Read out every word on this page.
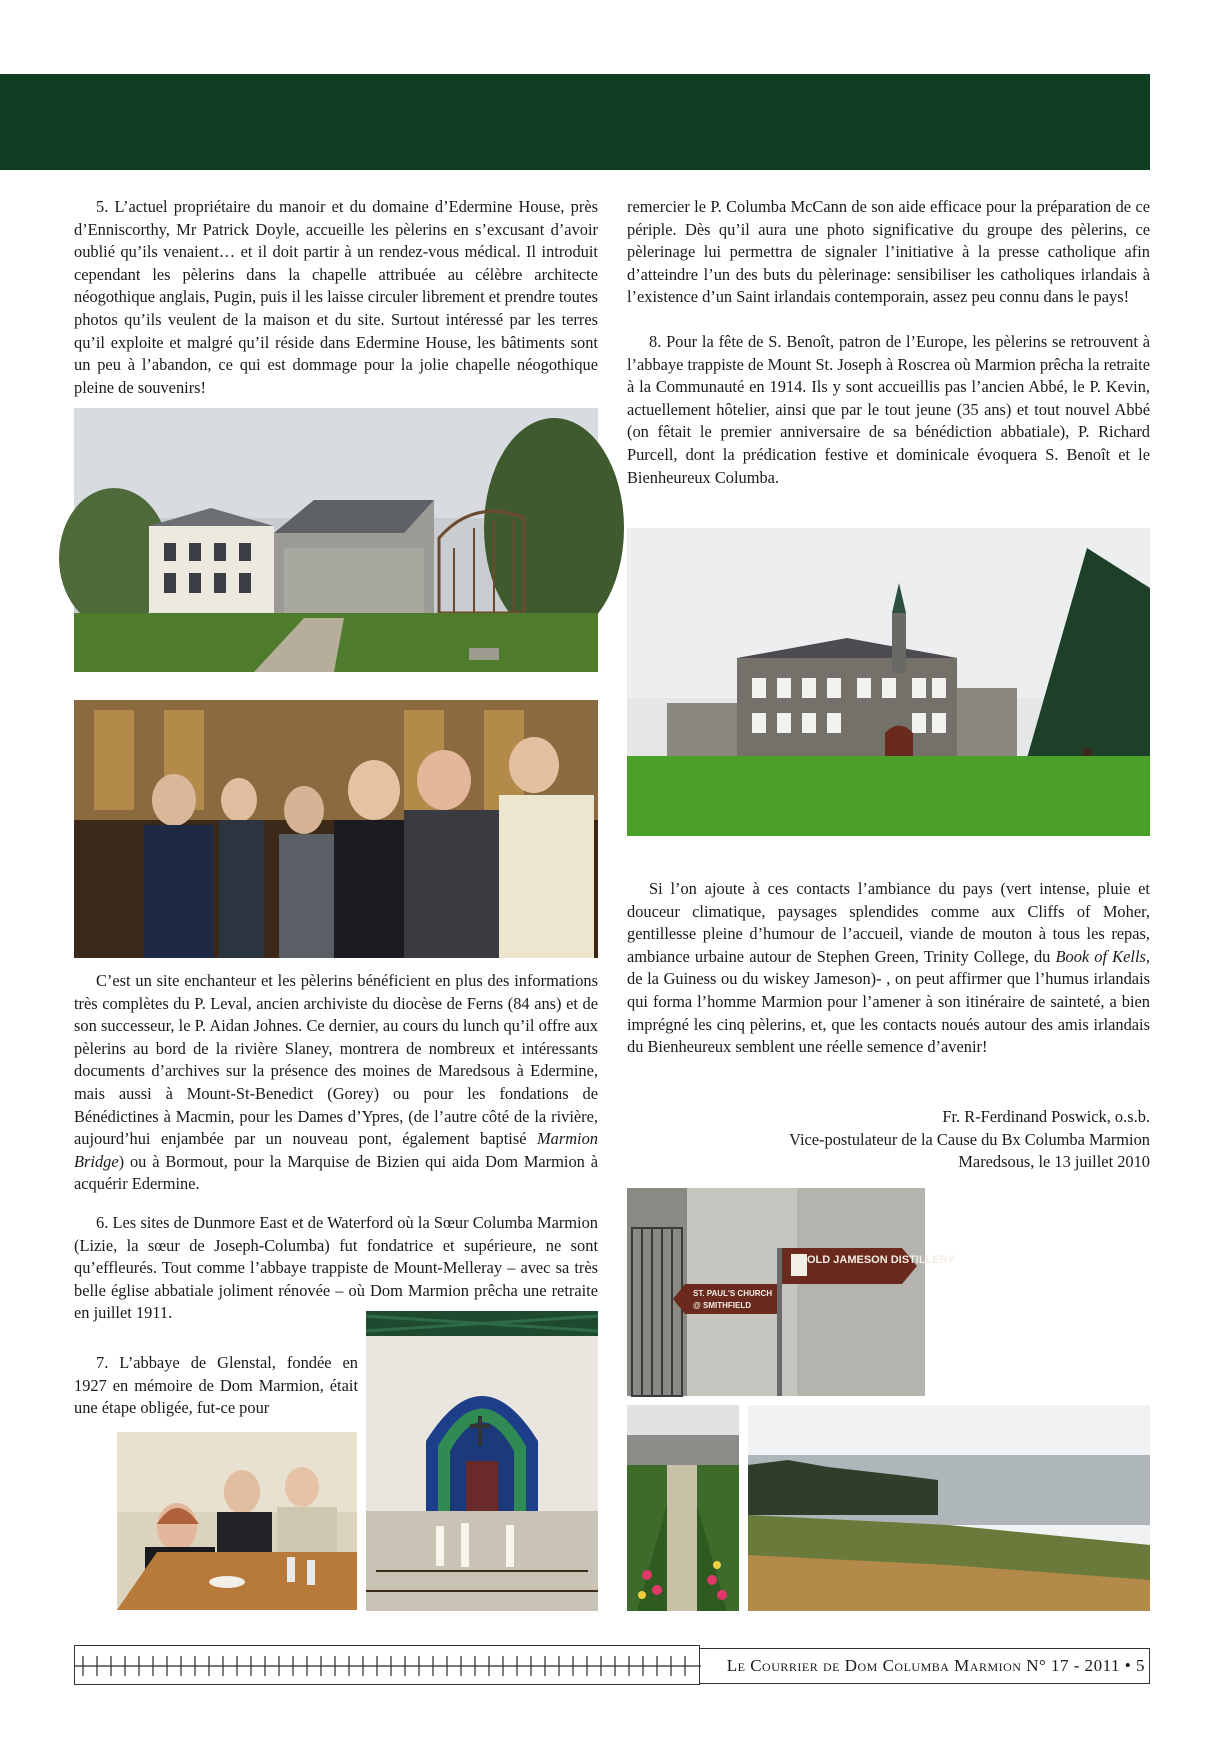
5. L’actuel propriétaire du manoir et du domaine d’Edermine House, près d’Enniscorthy, Mr Patrick Doyle, accueille les pèlerins en s’excusant d’avoir oublié qu’ils venaient… et il doit partir à un rendez-vous médical. Il introduit cependant les pèlerins dans la chapelle attribuée au célèbre architecte néogothique anglais, Pugin, puis il les laisse circuler librement et prendre toutes photos qu’ils veulent de la maison et du site. Surtout intéressé par les terres qu’il exploite et malgré qu’il réside dans Edermine House, les bâtiments sont un peu à l’abandon, ce qui est dommage pour la jolie chapelle néogothique pleine de souvenirs!

C’est un site enchanteur et les pèlerins bénéficient en plus des informations très complètes du P. Leval, ancien archiviste du diocèse de Ferns (84 ans) et de son successeur, le P. Aidan Johnes. Ce dernier, au cours du lunch qu’il offre aux pèlerins au bord de la rivière Slaney, montrera de nombreux et intéressants documents d’archives sur la présence des moines de Maredsous à Edermine, mais aussi à Mount-St-Benedict (Gorey) ou pour les fondations de Bénédictines à Macmin, pour les Dames d’Ypres, (de l’autre côté de la rivière, aujourd’hui enjambée par un nouveau pont, également baptisé Marmion Bridge) ou à Bormout, pour la Marquise de Bizien qui aida Dom Marmion à acquérir Edermine.

6. Les sites de Dunmore East et de Waterford où la Sœur Columba Marmion (Lizie, la sœur de Joseph-Columba) fut fondatrice et supérieure, ne sont qu’effleurés. Tout comme l’abbaye trappiste de Mount-Melleray – avec sa très belle église abbatiale joliment rénovée – où Dom Marmion prêcha une retraite en juillet 1911.

7. L’abbaye de Glenstal, fondée en 1927 en mémoire de Dom Marmion, était une étape obligée, fut-ce pour

remercier le P. Columba McCann de son aide efficace pour la préparation de ce périple. Dès qu’il aura une photo significative du groupe des pèlerins, ce pèlerinage lui permettra de signaler l’initiative à la presse catholique afin d’atteindre l’un des buts du pèlerinage: sensibiliser les catholiques irlandais à l’existence d’un Saint irlandais contemporain, assez peu connu dans le pays!

8. Pour la fête de S. Benoît, patron de l’Europe, les pèlerins se retrouvent à l’abbaye trappiste de Mount St. Joseph à Roscrea où Marmion prêcha la retraite à la Communauté en 1914. Ils y sont accueillis pas l’ancien Abbé, le P. Kevin, actuellement hôtelier, ainsi que par le tout jeune (35 ans) et tout nouvel Abbé (on fêtait le premier anniversaire de sa bénédiction abbatiale), P. Richard Purcell, dont la prédication festive et dominicale évoquera S. Benoît et le Bienheureux Columba.

Si l’on ajoute à ces contacts l’ambiance du pays (vert intense, pluie et douceur climatique, paysages splendides comme aux Cliffs of Moher, gentillesse pleine d’humour de l’accueil, viande de mouton à tous les repas, ambiance urbaine autour de Stephen Green, Trinity College, du Book of Kells, de la Guiness ou du wiskey Jameson)- , on peut affirmer que l’humus irlandais qui forma l’homme Marmion pour l’amener à son itinéraire de sainteté, a bien imprégné les cinq pèlerins, et, que les contacts noués autour des amis irlandais du Bienheureux semblent une réelle semence d’avenir!

Fr. R-Ferdinand Poswick, o.s.b.
Vice-postulateur de la Cause du Bx Columba Marmion
Maredsous, le 13 juillet 2010
OLD JAMESON DISTILLERY
ST. PAUL'S CHURCH
@ SMITHFIELD
Le Courrier de Dom Columba Marmion N° 17 - 2011 • 5
